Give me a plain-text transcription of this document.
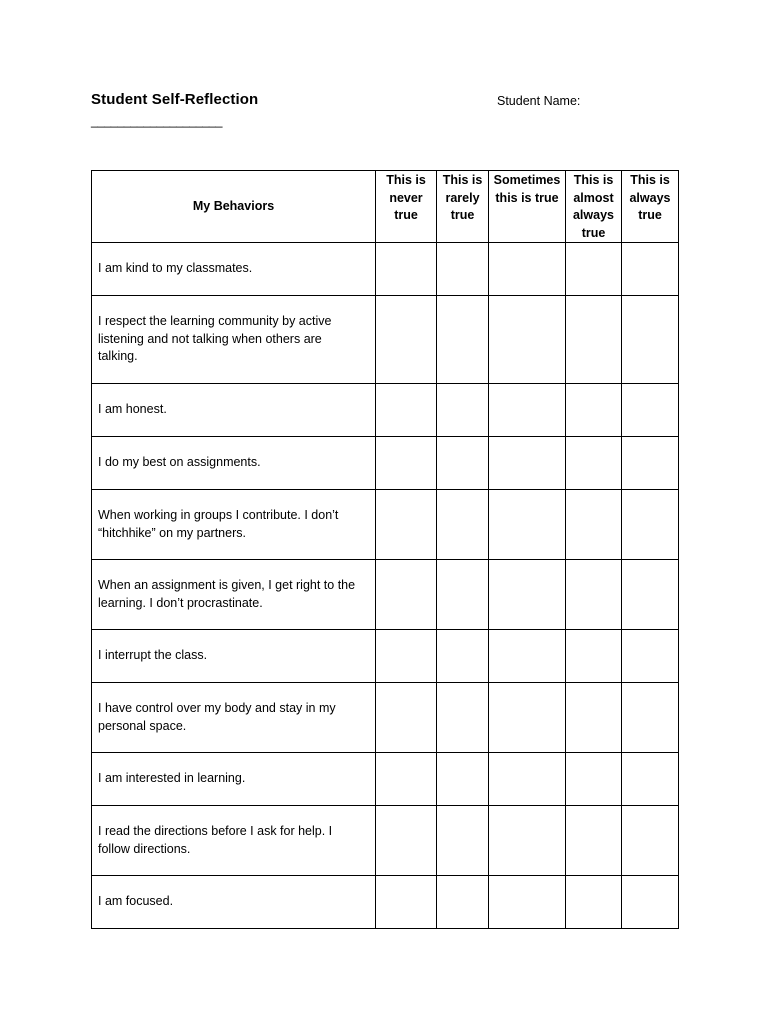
Student Self-Reflection	Student Name:
____________________
My Behaviors	This is never true	This is rarely true	Sometimes this is true	This is almost always true	This is always true
I am kind to my classmates.					
I respect the learning community by active listening and not talking when others are talking.					
I am honest.					
I do my best on assignments.					
When working in groups I contribute. I don’t “hitchhike” on my partners.					
When an assignment is given, I get right to the learning. I don’t procrastinate.					
I interrupt the class.					
I have control over my body and stay in my personal space.					
I am interested in learning.					
I read the directions before I ask for help. I follow directions.					
I am focused.					
